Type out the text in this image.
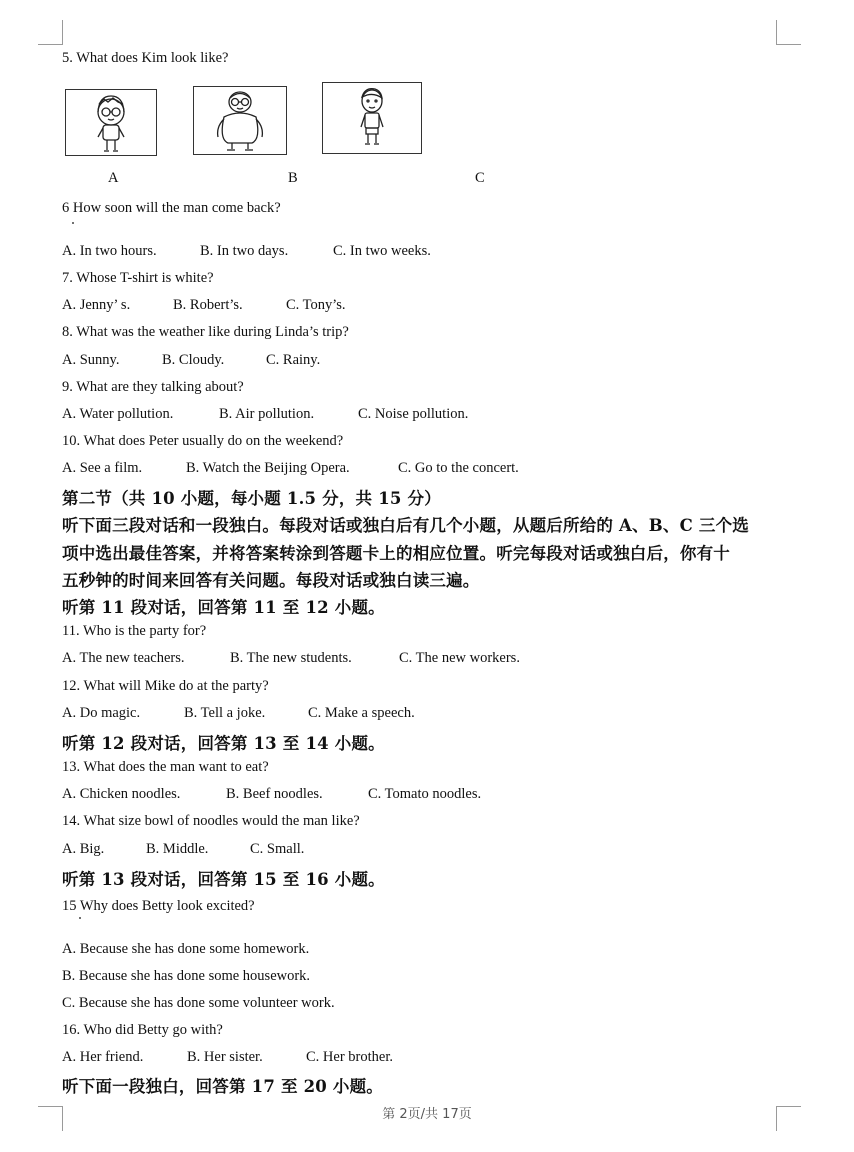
5. What does Kim look like?
A	B	C
6 How soon will the man come back?
A. In two hours.	B. In two days.	C. In two weeks.
7. Whose T-shirt is white?
A. Jenny’ s.	B. Robert’s.	C. Tony’s.
8. What was the weather like during Linda’s trip?
A. Sunny.	B. Cloudy.	C. Rainy.
9. What are they talking about?
A. Water pollution.	B. Air pollution.	C. Noise pollution.
10. What does Peter usually do on the weekend?
A. See a film.	B. Watch the Beijing Opera.	C. Go to the concert.
第二节（共 10 小题，每小题 1.5 分，共 15 分）
听下面三段对话和一段独白。每段对话或独白后有几个小题，从题后所给的 A、B、C 三个选
项中选出最佳答案，并将答案转涂到答题卡上的相应位置。听完每段对话或独白后，你有十
五秒钟的时间来回答有关问题。每段对话或独白读三遍。
听第 11 段对话，回答第 11 至 12 小题。
11. Who is the party for?
A. The new teachers.	B. The new students.	C. The new workers.
12. What will Mike do at the party?
A. Do magic.	B. Tell a joke.	C. Make a speech.
听第 12 段对话，回答第 13 至 14 小题。
13. What does the man want to eat?
A. Chicken noodles.	B. Beef noodles.	C. Tomato noodles.
14. What size bowl of noodles would the man like?
A. Big.	B. Middle.	C. Small.
听第 13 段对话，回答第 15 至 16 小题。
15 Why does Betty look excited?
A. Because she has done some homework.
B. Because she has done some housework.
C. Because she has done some volunteer work.
16. Who did Betty go with?
A. Her friend.	B. Her sister.	C. Her brother.
听下面一段独白，回答第 17 至 20 小题。
第 2页/共 17页
